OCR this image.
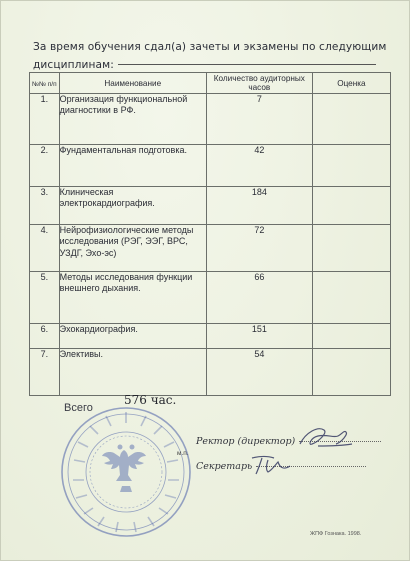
За время обучения сдал(а) зачеты и экзамены по следующим
дисциплинам:
№№ п/п	Наименование	Количество аудиторных часов	Оценка
1.	Организация функциональной диагностики в РФ.	7	
2.	Фундаментальная подготовка.	42	
3.	Клиническая электрокардиография.	184	
4.	Нейрофизиологические методы исследования (РЭГ, ЭЭГ, ВРС, УЗДГ, Эхо-эс)	72	
5.	Методы исследования функции внешнего дыхания.	66	
6.	Эхокардиография.	151	
7.	Элективы.	54	
Всего
576 час.
Ректор (директор)
Секретарь
м.п.
ЖПФ Гознака. 1998.
